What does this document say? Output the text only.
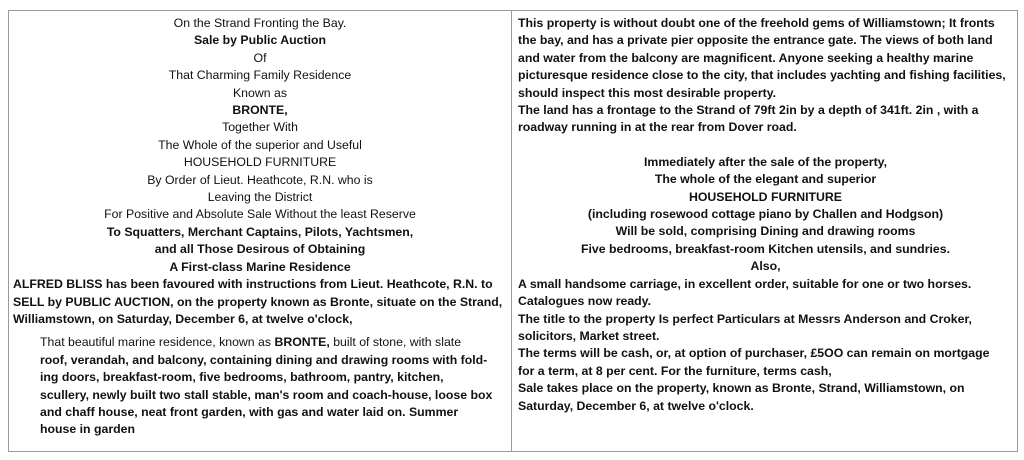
On the Strand Fronting the Bay.
Sale by Public Auction
Of
That Charming Family Residence
Known as
BRONTE,
Together With
The Whole of the superior and Useful
HOUSEHOLD FURNITURE
By Order of Lieut. Heathcote, R.N. who is
Leaving the District
For Positive and Absolute Sale Without the least Reserve
To Squatters, Merchant Captains, Pilots, Yachtsmen,
and all Those Desirous of Obtaining
A First-class Marine Residence
ALFRED BLISS has been favoured with instructions from Lieut. Heathcote, R.N. to
SELL by PUBLIC AUCTION, on the property known as Bronte, situate on the Strand,
Williamstown, on Saturday, December 6, at twelve o'clock,
That beautiful marine residence, known as BRONTE, built of stone, with slate
roof, verandah, and balcony, containing dining and drawing rooms with fold-
ing doors, breakfast-room, five bedrooms, bathroom, pantry, kitchen,
scullery, newly built two stall stable, man's room and coach-house, loose box
and chaff house, neat front garden, with gas and water laid on. Summer
house in garden
This property is without doubt one of the freehold gems of Williamstown; It fronts
the bay, and has a private pier opposite the entrance gate. The views of both land
and water from the balcony are magnificent. Anyone seeking a healthy marine
picturesque residence close to the city, that includes yachting and fishing facilities,
should inspect this most desirable property.
The land has a frontage to the Strand of 79ft 2in by a depth of 341ft. 2in , with a
roadway running in at the rear from Dover road.
Immediately after the sale of the property,
The whole of the elegant and superior
HOUSEHOLD FURNITURE
(including rosewood cottage piano by Challen and Hodgson)
Will be sold, comprising Dining and drawing rooms
Five bedrooms, breakfast-room Kitchen utensils, and sundries.
Also,
A small handsome carriage, in excellent order, suitable for one or two horses.
Catalogues now ready.
The title to the property Is perfect Particulars at Messrs Anderson and Croker,
solicitors, Market street.
The terms will be cash, or, at option of purchaser, £5OO can remain on mortgage
for a term, at 8 per cent. For the furniture, terms cash,
Sale takes place on the property, known as Bronte, Strand, Williamstown, on
Saturday, December 6, at twelve o'clock.
